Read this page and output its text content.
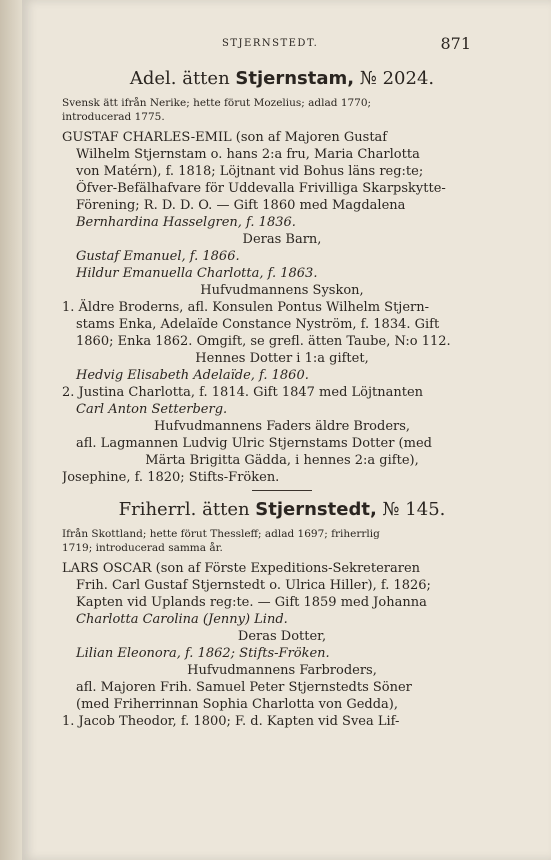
STJERNSTEDT.	871
Adel. ätten Stjernstam, № 2024.
Svensk ätt ifrån Nerike; hette förut Mozelius; adlad 1770;
introducerad 1775.
GUSTAF CHARLES-EMIL (son af Majoren Gustaf
Wilhelm Stjernstam o. hans 2:a fru, Maria Charlotta
von Matérn), f. 1818; Löjtnant vid Bohus läns reg:te;
Öfver-Befälhafvare för Uddevalla Frivilliga Skarpskytte-
Förening; R. D. D. O. — Gift 1860 med Magdalena
Bernhardina Hasselgren, f. 1836.
Deras Barn,
Gustaf Emanuel, f. 1866.
Hildur Emanuella Charlotta, f. 1863.
Hufvudmannens Syskon,
1. Äldre Broderns, afl. Konsulen Pontus Wilhelm Stjern-
stams Enka, Adelaïde Constance Nyström, f. 1834. Gift
1860; Enka 1862. Omgift, se grefl. ätten Taube, N:o 112.
Hennes Dotter i 1:a giftet,
Hedvig Elisabeth Adelaïde, f. 1860.
2. Justina Charlotta, f. 1814. Gift 1847 med Löjtnanten
Carl Anton Setterberg.
Hufvudmannens Faders äldre Broders,
afl. Lagmannen Ludvig Ulric Stjernstams Dotter (med
Märta Brigitta Gädda, i hennes 2:a gifte),
Josephine, f. 1820; Stifts-Fröken.
Friherrl. ätten Stjernstedt, № 145.
Ifrån Skottland; hette förut Thessleff; adlad 1697; friherrlig
1719; introducerad samma år.
LARS OSCAR (son af Förste Expeditions-Sekreteraren
Frih. Carl Gustaf Stjernstedt o. Ulrica Hiller), f. 1826;
Kapten vid Uplands reg:te. — Gift 1859 med Johanna
Charlotta Carolina (Jenny) Lind.
Deras Dotter,
Lilian Eleonora, f. 1862; Stifts-Fröken.
Hufvudmannens Farbroders,
afl. Majoren Frih. Samuel Peter Stjernstedts Söner
(med Friherrinnan Sophia Charlotta von Gedda),
1. Jacob Theodor, f. 1800; F. d. Kapten vid Svea Lif-
